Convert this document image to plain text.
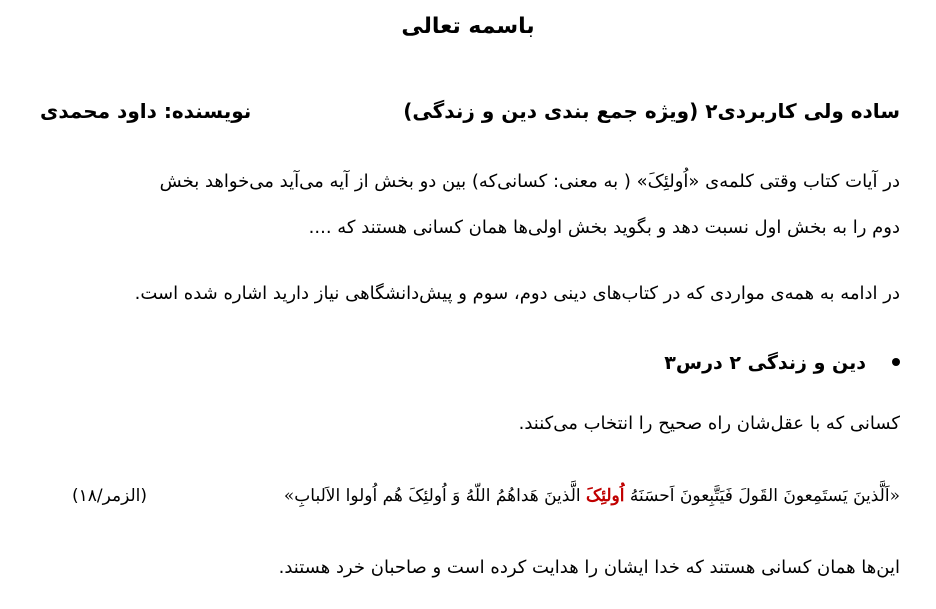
باسمه تعالی
ساده ولی کاربردی۲ (ویژه جمع بندی دین و زندگی)
نویسنده: داود محمدی
در آیات کتاب وقتی کلمه‌ی «اُولئِکَ» ( به معنی: کسانی‌که) بین دو بخش از آیه می‌آید می‌خواهد بخش
دوم را به بخش اول نسبت دهد و بگوید بخش اولی‌ها همان کسانی هستند که ....
در ادامه به همه‌ی مواردی که در کتاب‌های دینی دوم، سوم و پیش‌دانشگاهی نیاز دارید اشاره شده است.
دین و زندگی ۲ درس۳
کسانی که با عقل‌شان راه صحیح را انتخاب می‌کنند.
«اَلَّذینَ یَستَمِعونَ القَولَ فَیَتَّبِعونَ اَحسَنَهُ اُولئِکَ الَّذینَ هَداهُمُ اللّهُ وَ اُولئِکَ هُم اُولوا الاَلبابِ»
(الزمر/۱۸)
این‌ها همان کسانی هستند که خدا ایشان را هدایت کرده است و صاحبان خرد هستند.
